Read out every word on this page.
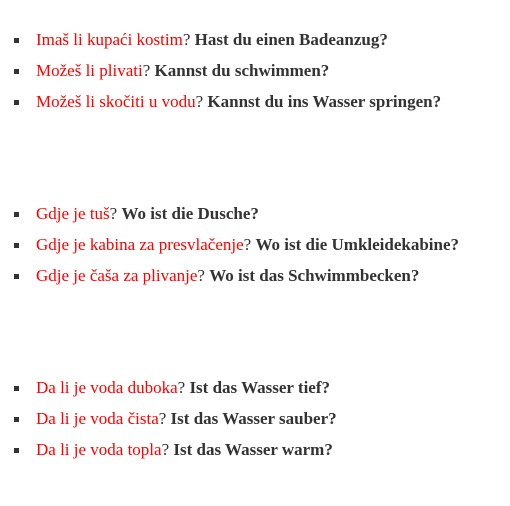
Imaš li kupaći kostim? Hast du einen Badeanzug?
Možeš li plivati? Kannst du schwimmen?
Možeš li skočiti u vodu? Kannst du ins Wasser springen?
Gdje je tuš? Wo ist die Dusche?
Gdje je kabina za presvlačenje? Wo ist die Umkleidekabine?
Gdje je čaša za plivanje? Wo ist das Schwimmbecken?
Da li je voda duboka? Ist das Wasser tief?
Da li je voda čista? Ist das Wasser sauber?
Da li je voda topla? Ist das Wasser warm?
